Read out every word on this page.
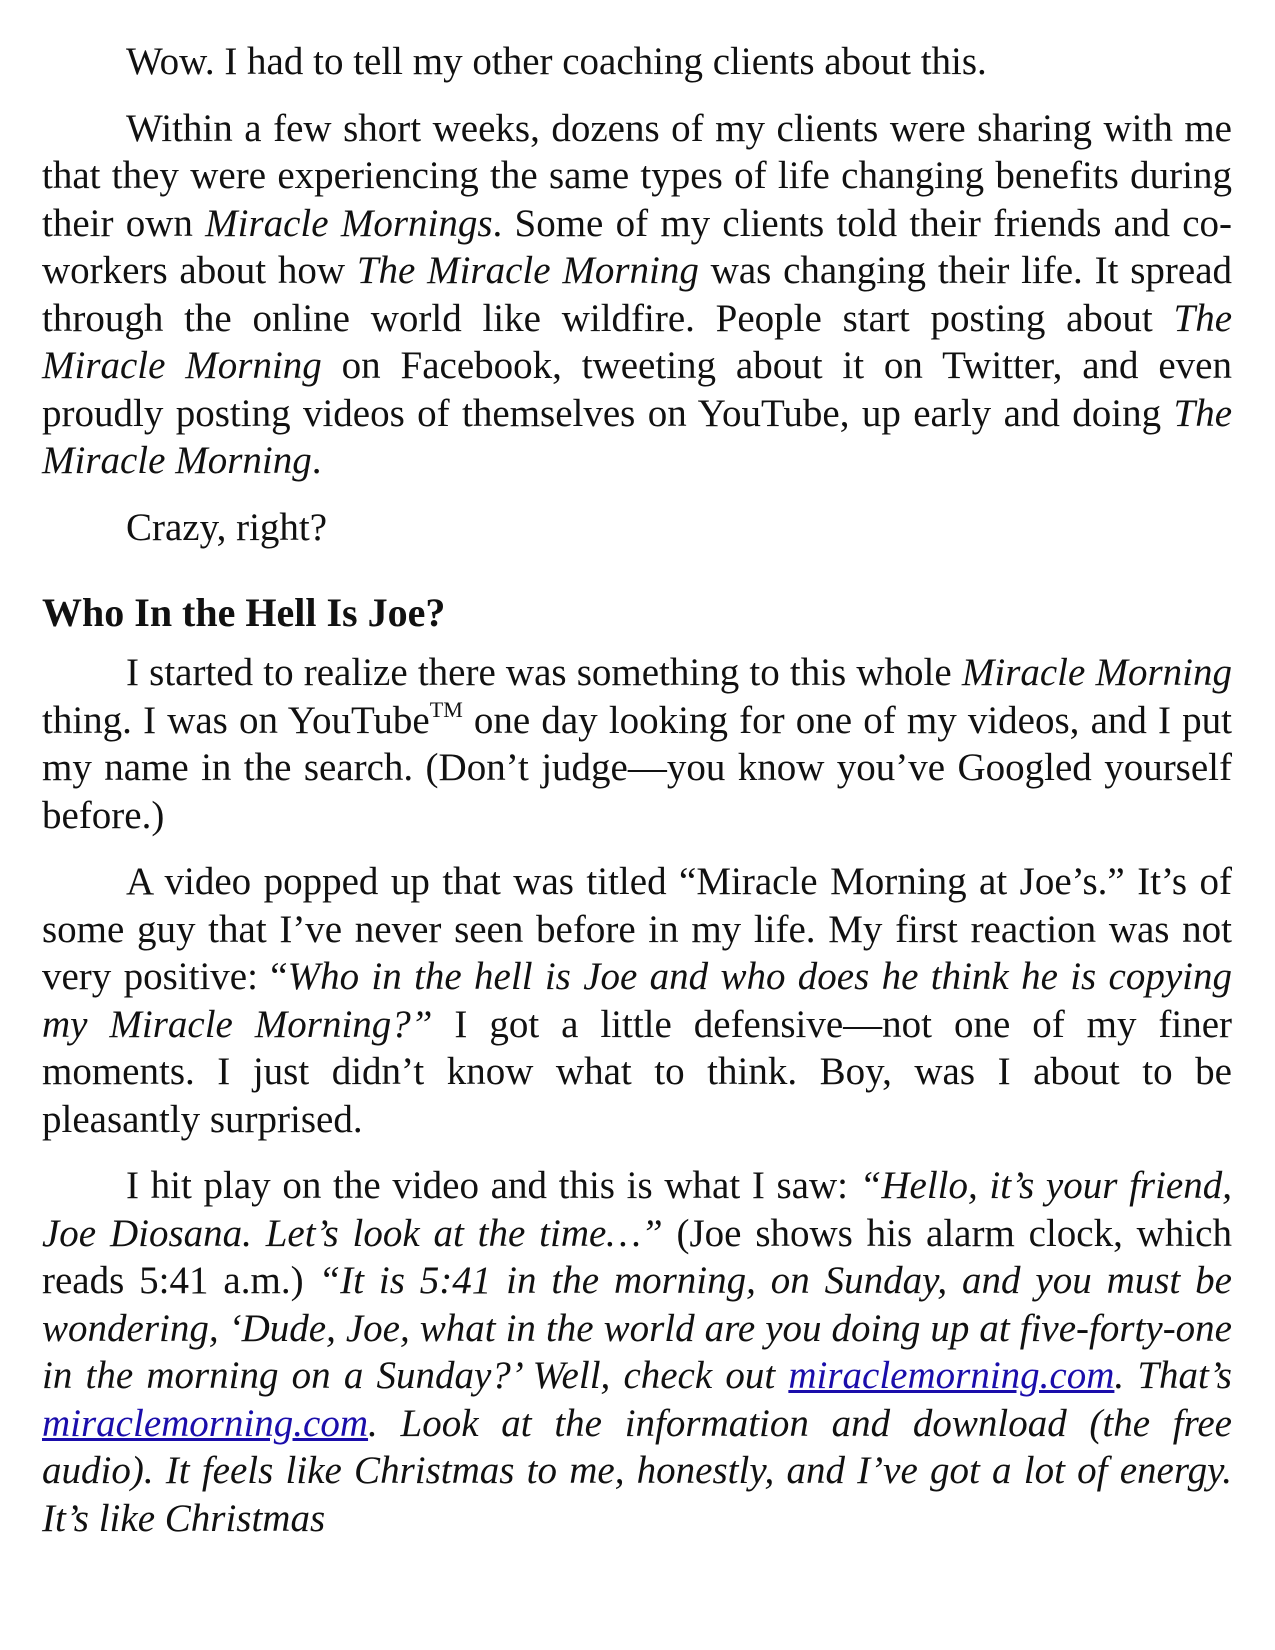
Wow. I had to tell my other coaching clients about this.

Within a few short weeks, dozens of my clients were sharing with me that they were experiencing the same types of life changing benefits during their own Miracle Mornings. Some of my clients told their friends and co-workers about how The Miracle Morning was changing their life. It spread through the online world like wildfire. People start posting about The Miracle Morning on Facebook, tweeting about it on Twitter, and even proudly posting videos of themselves on YouTube, up early and doing The Miracle Morning.

Crazy, right?

Who In the Hell Is Joe?

I started to realize there was something to this whole Miracle Morning thing. I was on YouTube™ one day looking for one of my videos, and I put my name in the search. (Don’t judge—you know you’ve Googled yourself before.)

A video popped up that was titled “Miracle Morning at Joe’s.” It’s of some guy that I’ve never seen before in my life. My first reaction was not very positive: “Who in the hell is Joe and who does he think he is copying my Miracle Morning?” I got a little defensive—not one of my finer moments. I just didn’t know what to think. Boy, was I about to be pleasantly surprised.

I hit play on the video and this is what I saw: “Hello, it’s your friend, Joe Diosana. Let’s look at the time…” (Joe shows his alarm clock, which reads 5:41 a.m.) “It is 5:41 in the morning, on Sunday, and you must be wondering, ‘Dude, Joe, what in the world are you doing up at five-forty-one in the morning on a Sunday?’ Well, check out miraclemorning.com. That’s miraclemorning.com. Look at the information and download (the free audio). It feels like Christmas to me, honestly, and I’ve got a lot of energy. It’s like Christmas
